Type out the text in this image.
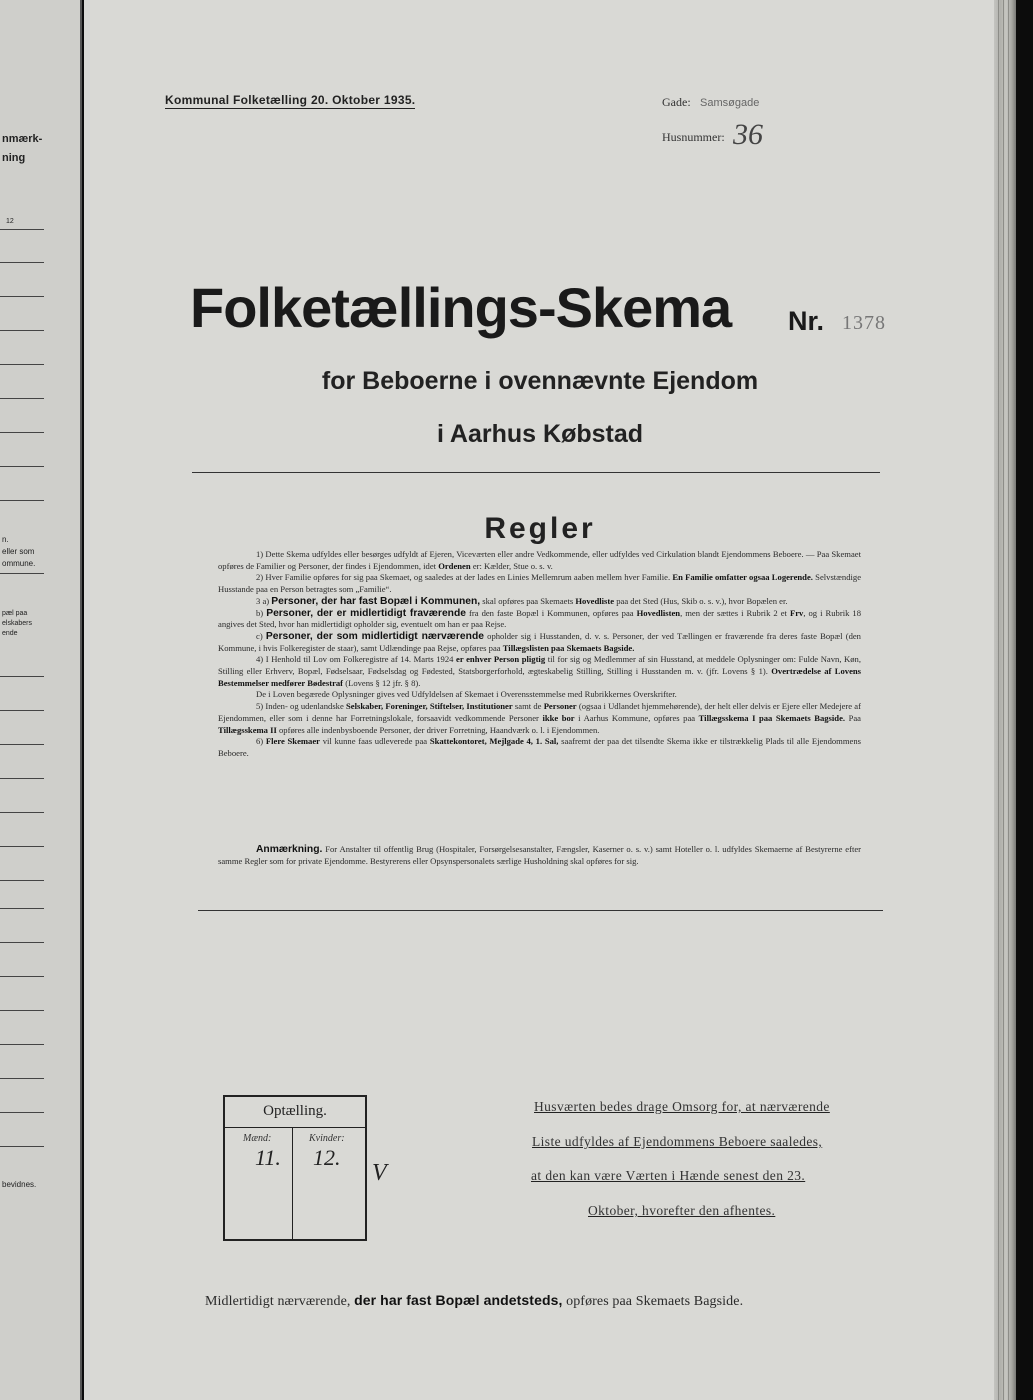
nmærk-
ning
12
n.
eller som
ommune.
pæl paa
elskabers
ende
bevidnes.
Kommunal Folketælling 20. Oktober 1935.	Gade: Samsøgade
Husnummer: 36
Folketællings-Skema Nr. 1378
for Beboerne i ovennævnte Ejendom
i Aarhus Købstad
Regler

1) Dette Skema udfyldes eller besørges udfyldt af Ejeren, Viceværten eller andre Vedkommende, eller udfyldes ved Cirkulation blandt Ejendommens Beboere. — Paa Skemaet opføres de Familier og Personer, der findes i Ejendommen, idet Ordenen er: Kælder, Stue o. s. v.

2) Hver Familie opføres for sig paa Skemaet, og saaledes at der lades en Linies Mellemrum aaben mellem hver Familie. En Familie omfatter ogsaa Logerende. Selvstændige Husstande paa en Person betragtes som „Familie“.

3 a) Personer, der har fast Bopæl i Kommunen, skal opføres paa Skemaets Hovedliste paa det Sted (Hus, Skib o. s. v.), hvor Bopælen er.

b) Personer, der er midlertidigt fraværende fra den faste Bopæl i Kommunen, opføres paa Hovedlisten, men der sættes i Rubrik 2 et Frv, og i Rubrik 18 angives det Sted, hvor han midlertidigt opholder sig, eventuelt om han er paa Rejse.

c) Personer, der som midlertidigt nærværende opholder sig i Husstanden, d. v. s. Personer, der ved Tællingen er fraværende fra deres faste Bopæl (den Kommune, i hvis Folkeregister de staar), samt Udlændinge paa Rejse, opføres paa Tillægslisten paa Skemaets Bagside.

4) I Henhold til Lov om Folkeregistre af 14. Marts 1924 er enhver Person pligtig til for sig og Medlemmer af sin Husstand, at meddele Oplysninger om: Fulde Navn, Køn, Stilling eller Erhverv, Bopæl, Fødselsaar, Fødselsdag og Fødested, Statsborgerforhold, ægteskabelig Stilling, Stilling i Husstanden m. v. (jfr. Lovens § 1). Overtrædelse af Lovens Bestemmelser medfører Bødestraf (Lovens § 12 jfr. § 8).

De i Loven begærede Oplysninger gives ved Udfyldelsen af Skemaet i Overensstemmelse med Rubrikkernes Overskrifter.

5) Inden- og udenlandske Selskaber, Foreninger, Stiftelser, Institutioner samt de Personer (ogsaa i Udlandet hjemmehørende), der helt eller delvis er Ejere eller Medejere af Ejendommen, eller som i denne har Forretningslokale, forsaavidt vedkommende Personer ikke bor i Aarhus Kommune, opføres paa Tillægsskema I paa Skemaets Bagside. Paa Tillægsskema II opføres alle indenbysboende Personer, der driver Forretning, Haandværk o. l. i Ejendommen.

6) Flere Skemaer vil kunne faas udleverede paa Skattekontoret, Mejlgade 4, 1. Sal, saafremt der paa det tilsendte Skema ikke er tilstrækkelig Plads til alle Ejendommens Beboere.

Anmærkning. For Anstalter til offentlig Brug (Hospitaler, Forsørgelsesanstalter, Fængsler, Kaserner o. s. v.) samt Hoteller o. l. udfyldes Skemaerne af Bestyrerne efter samme Regler som for private Ejendomme. Bestyrerens eller Opsynspersonalets særlige Husholdning skal opføres for sig.

Optælling.
Mænd:	Kvinder:
11. 12.
V
Husværten bedes drage Omsorg for, at nærværende
Liste udfyldes af Ejendommens Beboere saaledes,
at den kan være Værten i Hænde senest den 23.
Oktober, hvorefter den afhentes.
Midlertidigt nærværende, der har fast Bopæl andetsteds, opføres paa Skemaets Bagside.
